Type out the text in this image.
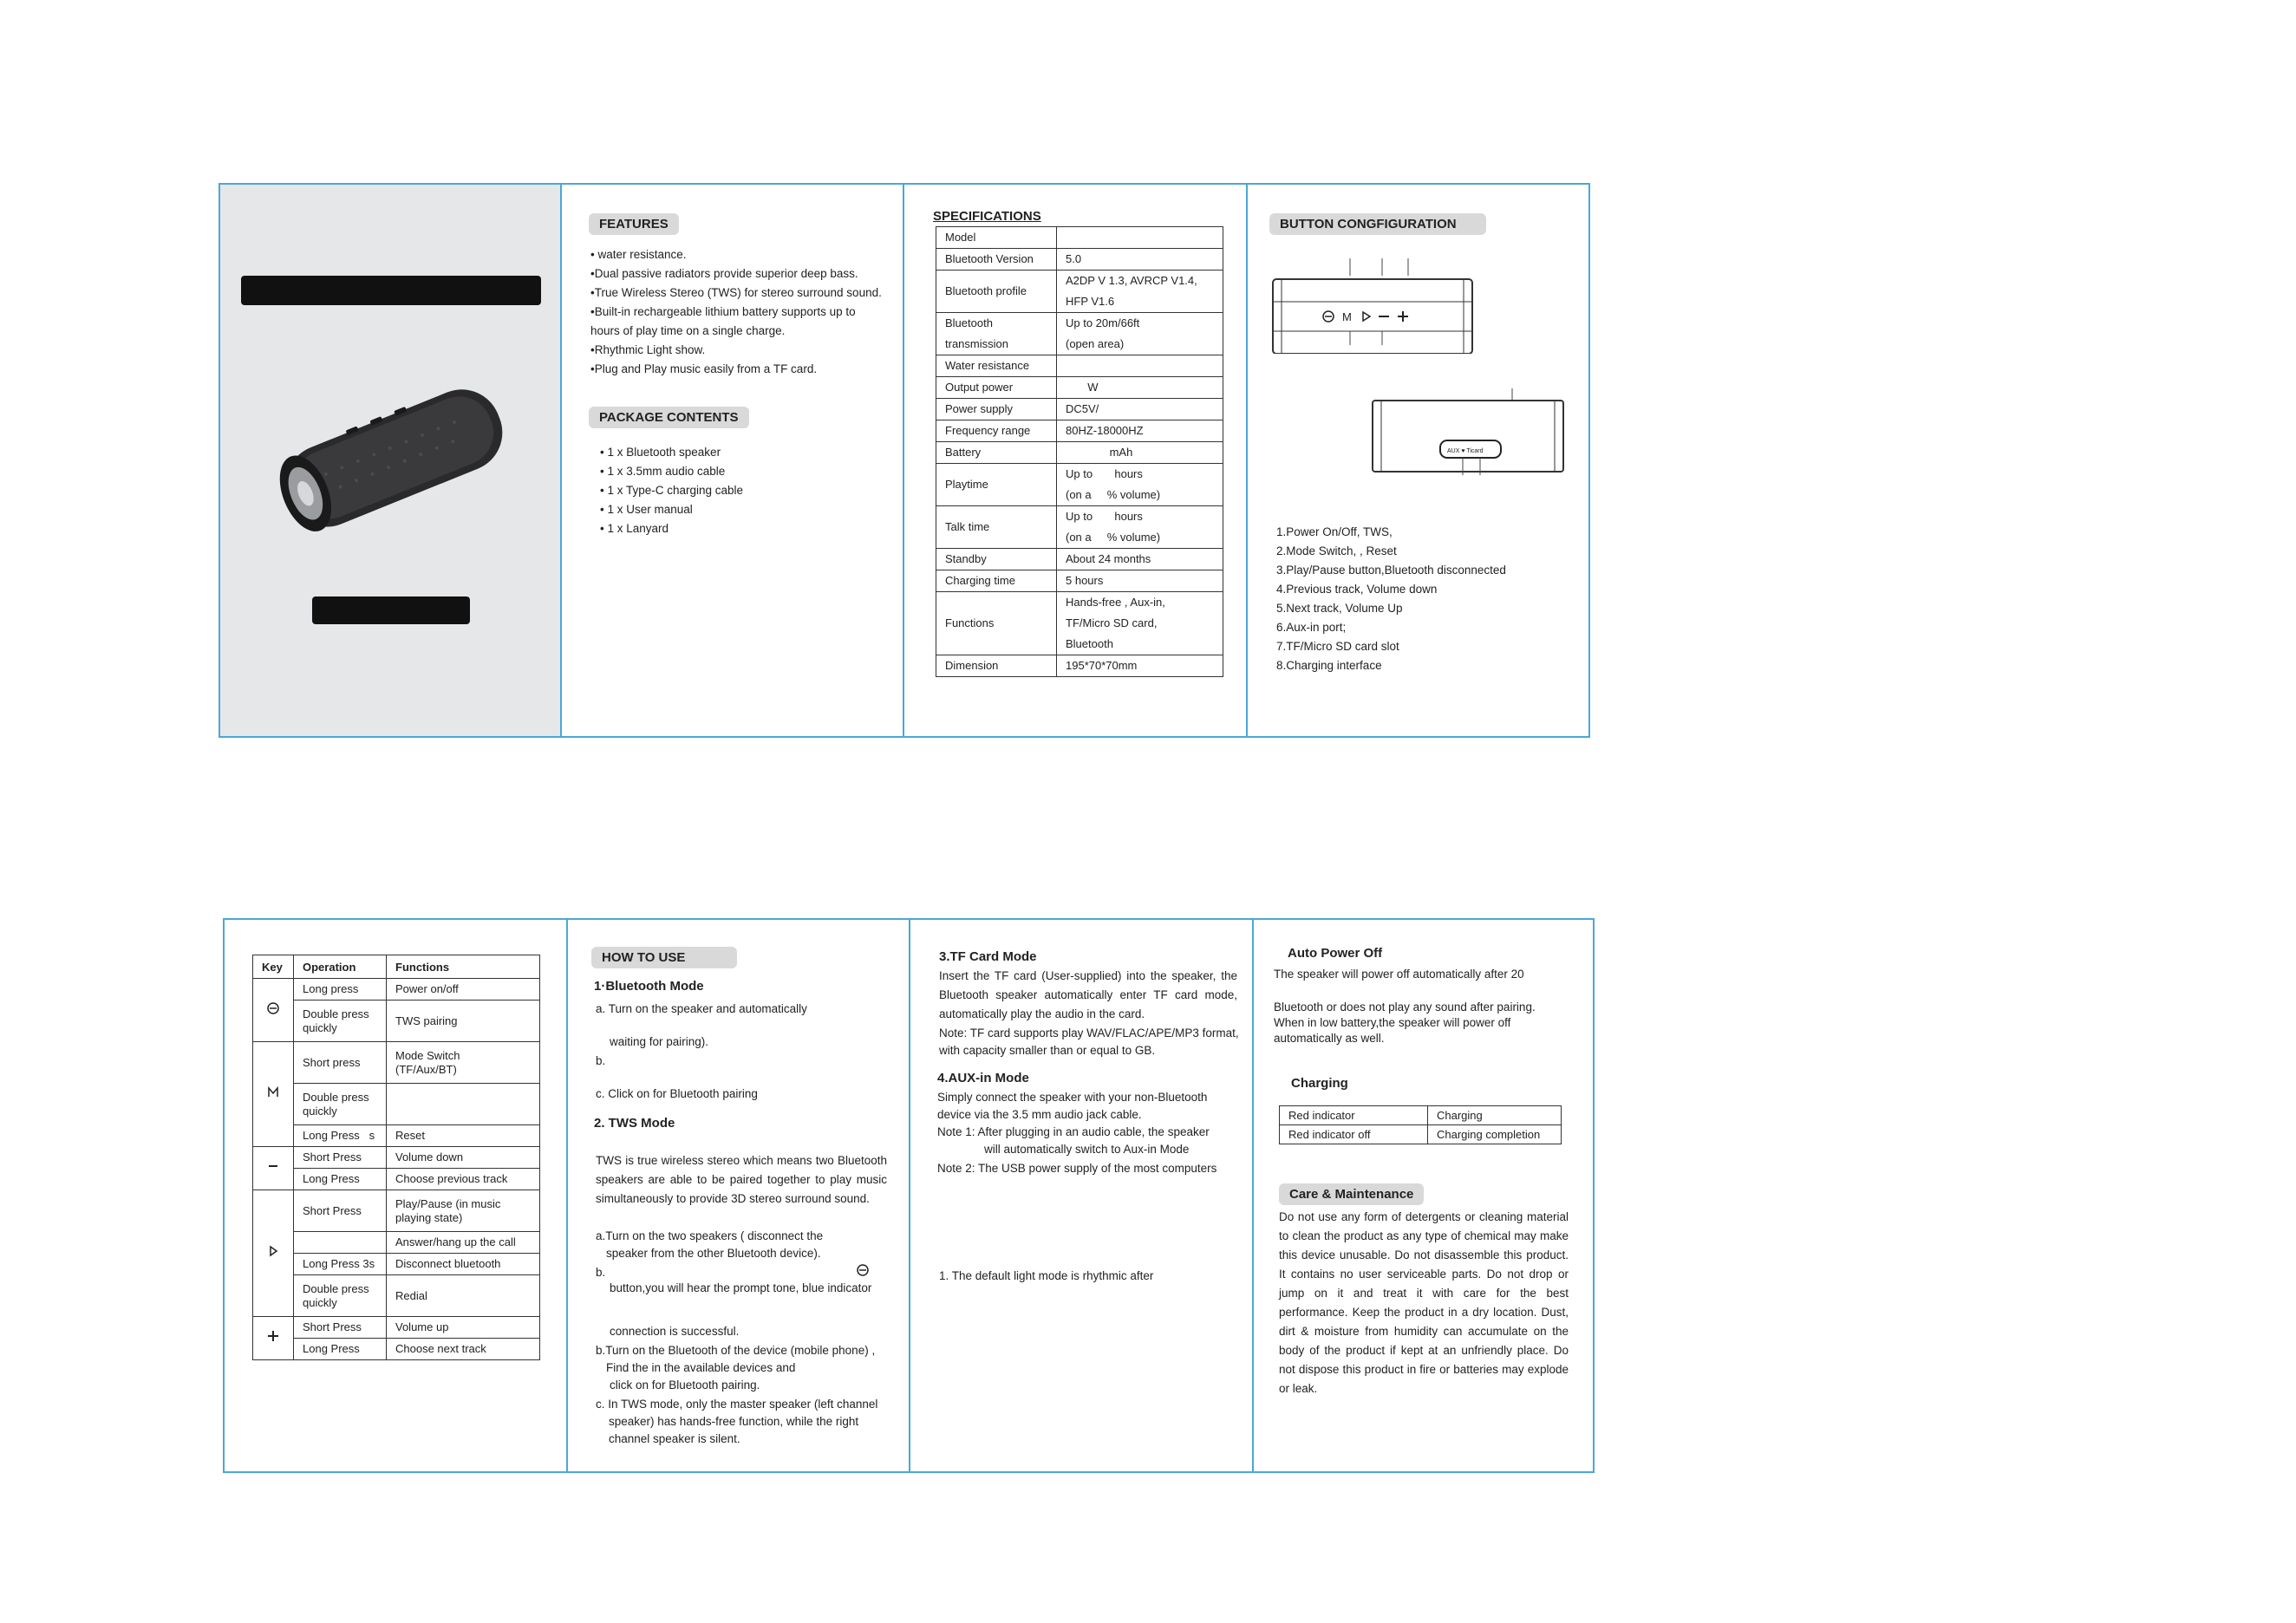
FEATURES
• water resistance.
•Dual passive radiators provide superior deep bass.
•True Wireless Stereo (TWS) for stereo surround sound.
•Built-in rechargeable lithium battery supports up to
hours of play time on a single charge.
•Rhythmic Light show.
•Plug and Play music easily from a TF card.
PACKAGE CONTENTS
• 1 x Bluetooth speaker
• 1 x 3.5mm audio cable
• 1 x Type-C charging cable
• 1 x User manual
• 1 x Lanyard
SPECIFICATIONS
Model	
Bluetooth Version	5.0
Bluetooth profile	A2DP V 1.3, AVRCP V1.4,
HFP V1.6
Bluetooth
transmission	Up to 20m/66ft
(open area)
Water resistance	
Output power	W
Power supply	DC5V/
Frequency range	80HZ-18000HZ
Battery	mAh
Playtime	Up to       hours
(on a     % volume)
Talk time	Up to       hours
(on a     % volume)
Standby	About 24 months
Charging time	5 hours
Functions	Hands-free , Aux-in,
TF/Micro SD card,
Bluetooth
Dimension	195*70*70mm
BUTTON CONGFIGURATION
M
AUX ♥ Ticard
1.Power On/Off, TWS,
2.Mode Switch, , Reset
3.Play/Pause button,Bluetooth disconnected
4.Previous track, Volume down
5.Next track, Volume Up
6.Aux-in port;
7.TF/Micro SD card slot
8.Charging interface
Key	Operation	Functions
	Long press	Power on/off
	Double press
quickly	TWS pairing
	Short press	Mode Switch
(TF/Aux/BT)
	Double press
quickly	
	Long Press   s	Reset
	Short Press	Volume down
	Long Press	Choose previous track
	Short Press	Play/Pause (in music
playing state)
		Answer/hang up the call
	Long Press 3s	Disconnect bluetooth
	Double press
quickly	Redial
	Short Press	Volume up
	Long Press	Choose next track
HOW TO USE
1·Bluetooth Mode
a. Turn on the speaker and automatically
waiting for pairing).
b.
c. Click on for Bluetooth pairing
2. TWS Mode
TWS is true wireless stereo which means two Bluetooth speakers are able to be paired together to play music simultaneously to provide 3D stereo surround sound.
a.Turn on the two speakers ( disconnect the
speaker from the other Bluetooth device).
b.
button,you will hear the prompt tone, blue indicator
connection is successful.
b.Turn on the Bluetooth of the device (mobile phone) ,
Find the in the available devices and
click on for Bluetooth pairing.
c. In TWS mode, only the master speaker (left channel
speaker) has hands-free function, while the right
channel speaker is silent.
3.TF Card Mode
Insert the TF card (User-supplied) into the speaker, the Bluetooth speaker automatically enter TF card mode, automatically play the audio in the card.
Note: TF card supports play WAV/FLAC/APE/MP3 format,
with capacity smaller than or equal to GB.
4.AUX-in Mode
Simply connect the speaker with your non-Bluetooth
device via the 3.5 mm audio jack cable.
Note 1: After plugging in an audio cable, the speaker
will automatically switch to Aux-in Mode
Note 2: The USB power supply of the most computers
1. The default light mode is rhythmic after
Auto Power Off
The speaker will power off automatically after 20
Bluetooth or does not play any sound after pairing.
When in low battery,the speaker will power off
automatically as well.
Charging
Red indicator	Charging
Red indicator off	Charging completion
Care & Maintenance
Do not use any form of detergents or cleaning material to clean the product as any type of chemical may make this device unusable. Do not disassemble this product. It contains no user serviceable parts. Do not drop or jump on it and treat it with care for the best performance. Keep the product in a dry location. Dust, dirt & moisture from humidity can accumulate on the body of the product if kept at an unfriendly place. Do not dispose this product in fire or batteries may explode or leak.
